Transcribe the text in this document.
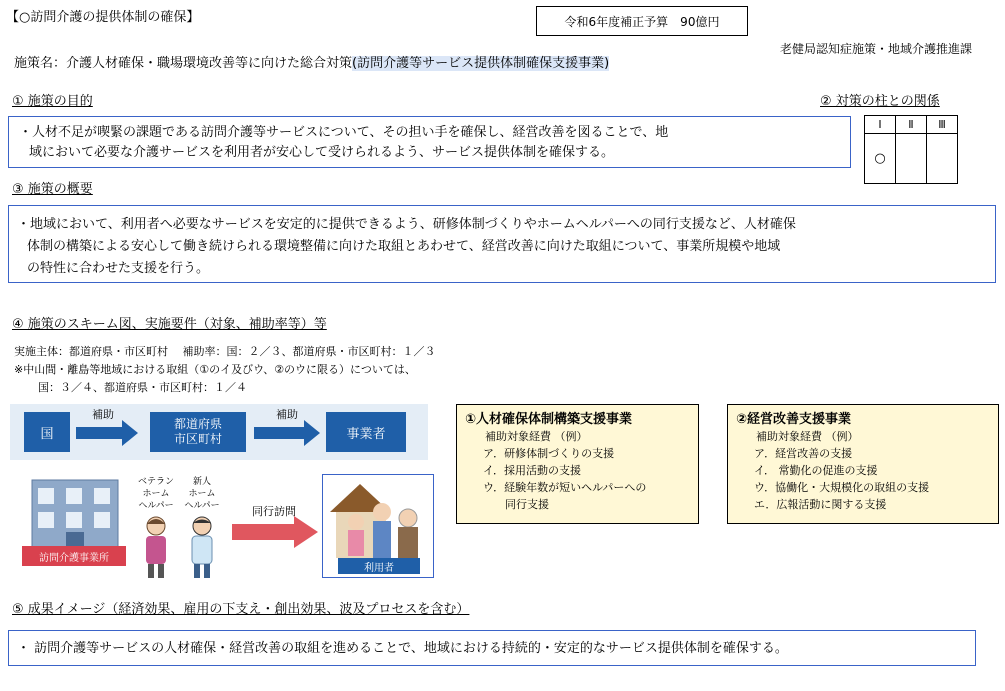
【○訪問介護の提供体制の確保】	令和6年度補正予算　90億円
施策名：介護人材確保・職場環境改善等に向けた総合対策(訪問介護等サービス提供体制確保支援事業)
老健局認知症施策・地域介護推進課
① 施策の目的
・人材不足が喫緊の課題である訪問介護等サービスについて、その担い手を確保し、経営改善を図ることで、地
域において必要な介護サービスを利用者が安心して受けられるよう、サービス提供体制を確保する。
② 対策の柱との関係
Ⅰ	Ⅱ	Ⅲ
○		
③ 施策の概要
・地域において、利用者へ必要なサービスを安定的に提供できるよう、研修体制づくりやホームヘルパーへの同行支援など、人材確保
体制の構築による安心して働き続けられる環境整備に向けた取組とあわせて、経営改善に向けた取組について、事業所規模や地域
の特性に合わせた支援を行う。
④ 施策のスキーム図、実施要件（対象、補助率等）等
実施主体：都道府県・市区町村　 補助率：国：２／３、都道府県・市区町村：１／３
※中山間・離島等地域における取組（①のイ及びウ、②のウに限る）については、
国：３／４、都道府県・市区町村：１／４
国
補助
都道府県
市区町村
補助
事業者
訪問介護事業所
ベテラン
ホーム
ヘルパー
新人
ホーム
ヘルパー	同行訪問
利用者
①人材確保体制構築支援事業
補助対象経費 （例）
ア．研修体制づくりの支援
イ．採用活動の支援
ウ．経験年数が短いヘルパーへの
　　同行支援
②経営改善支援事業
補助対象経費 （例）
ア．経営改善の支援
イ． 常勤化の促進の支援
ウ．協働化・大規模化の取組の支援
エ．広報活動に関する支援
⑤ 成果イメージ（経済効果、雇用の下支え・創出効果、波及プロセスを含む）
・ 訪問介護等サービスの人材確保・経営改善の取組を進めることで、地域における持続的・安定的なサービス提供体制を確保する。
